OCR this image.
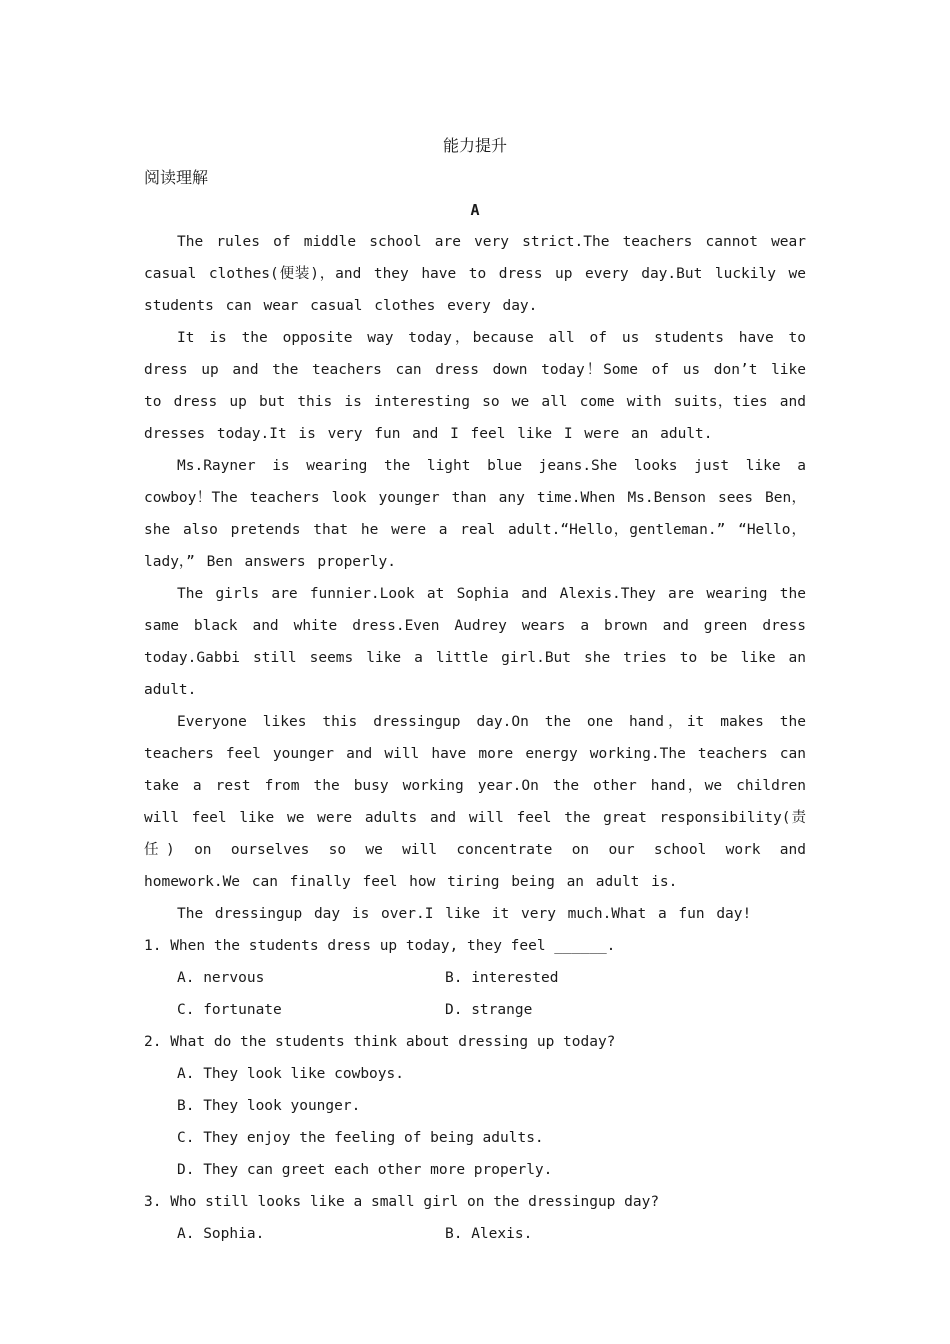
能力提升
阅读理解
A

The rules of middle school are very strict.The teachers cannot wear casual clothes(便装)，and they have to dress up every day.But luckily we students can wear casual clothes every day.

It is the opposite way today，because all of us students have to dress up and the teachers can dress down today！Some of us don’t like to dress up but this is interesting so we all come with suits，ties and dresses today.It is very fun and I feel like I were an adult.

Ms.Rayner is wearing the light blue jeans.She looks just like a cowboy！The teachers look younger than any time.When Ms.Benson sees Ben，she also pretends that he were a real adult.“Hello，gentleman.” “Hello，lady，” Ben answers properly.

The girls are funnier.Look at Sophia and Alexis.They are wearing the same black and white dress.Even Audrey wears a brown and green dress today.Gabbi still seems like a little girl.But she tries to be like an adult.

Everyone likes this dressingup day.On the one hand，it makes the teachers feel younger and will have more energy working.The teachers can take a rest from the busy working year.On the other hand，we children will feel like we were adults and will feel the great responsibility(责任) on ourselves so we will concentrate on our school work and homework.We can finally feel how tiring being an adult is.

The dressingup day is over.I like it very much.What a fun day!

1. When the students dress up today, they feel ______.

A. nervous	B. interested
C. fortunate	D. strange

2. What do the students think about dressing up today?

A. They look like cowboys.
B. They look younger.
C. They enjoy the feeling of being adults.
D. They can greet each other more properly.

3. Who still looks like a small girl on the dressingup day?

A. Sophia.	B. Alexis.
